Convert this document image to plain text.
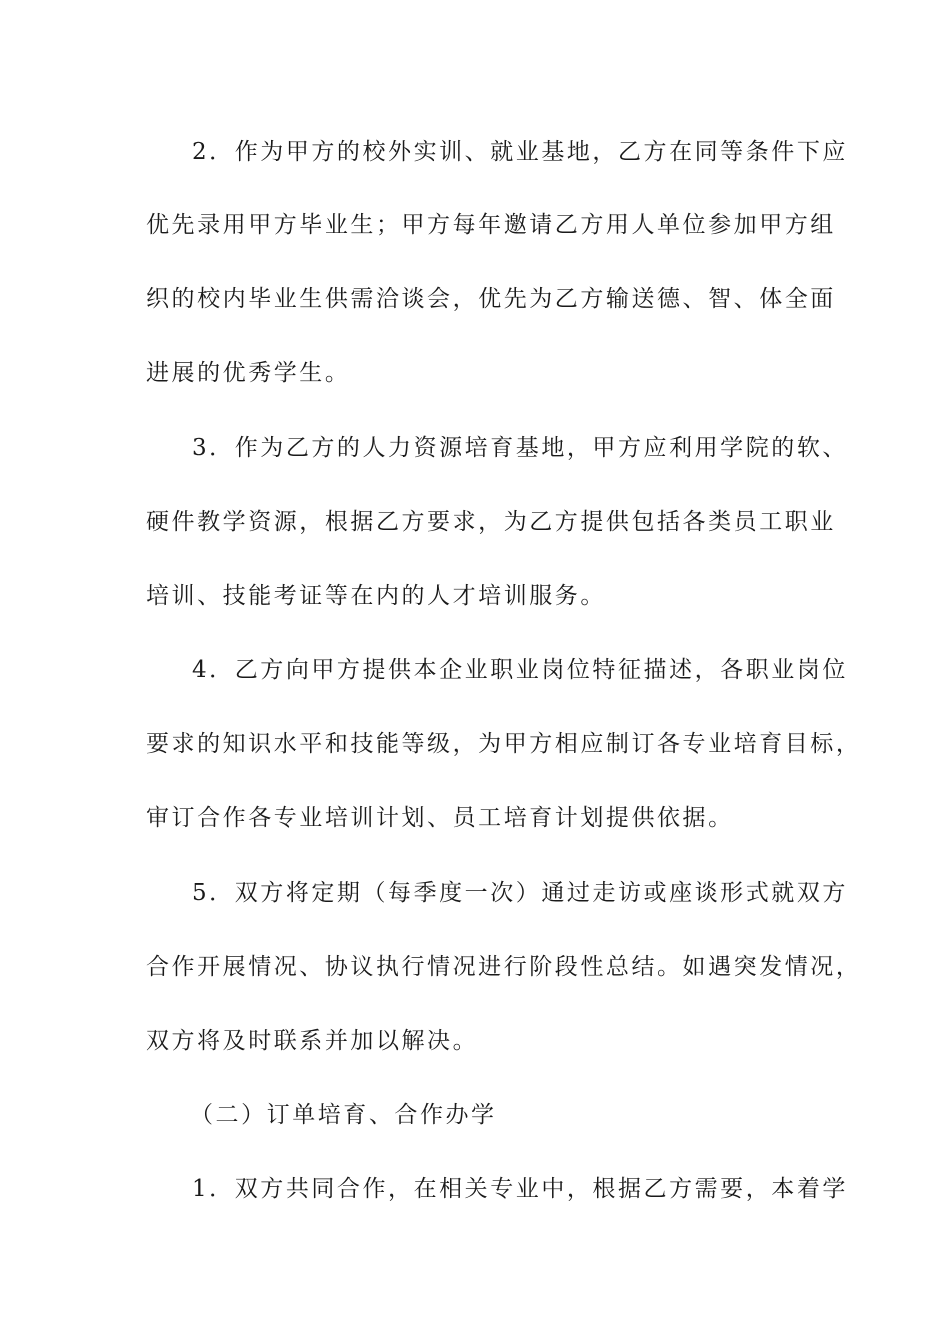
2．作为甲方的校外实训、就业基地，乙方在同等条件下应
优先录用甲方毕业生；甲方每年邀请乙方用人单位参加甲方组
织的校内毕业生供需洽谈会，优先为乙方输送德、智、体全面
进展的优秀学生。
3．作为乙方的人力资源培育基地，甲方应利用学院的软、
硬件教学资源，根据乙方要求，为乙方提供包括各类员工职业
培训、技能考证等在内的人才培训服务。
4．乙方向甲方提供本企业职业岗位特征描述，各职业岗位
要求的知识水平和技能等级，为甲方相应制订各专业培育目标，
审订合作各专业培训计划、员工培育计划提供依据。
5．双方将定期（每季度一次）通过走访或座谈形式就双方
合作开展情况、协议执行情况进行阶段性总结。如遇突发情况，
双方将及时联系并加以解决。
（二）订单培育、合作办学
1．双方共同合作，在相关专业中，根据乙方需要，本着学
